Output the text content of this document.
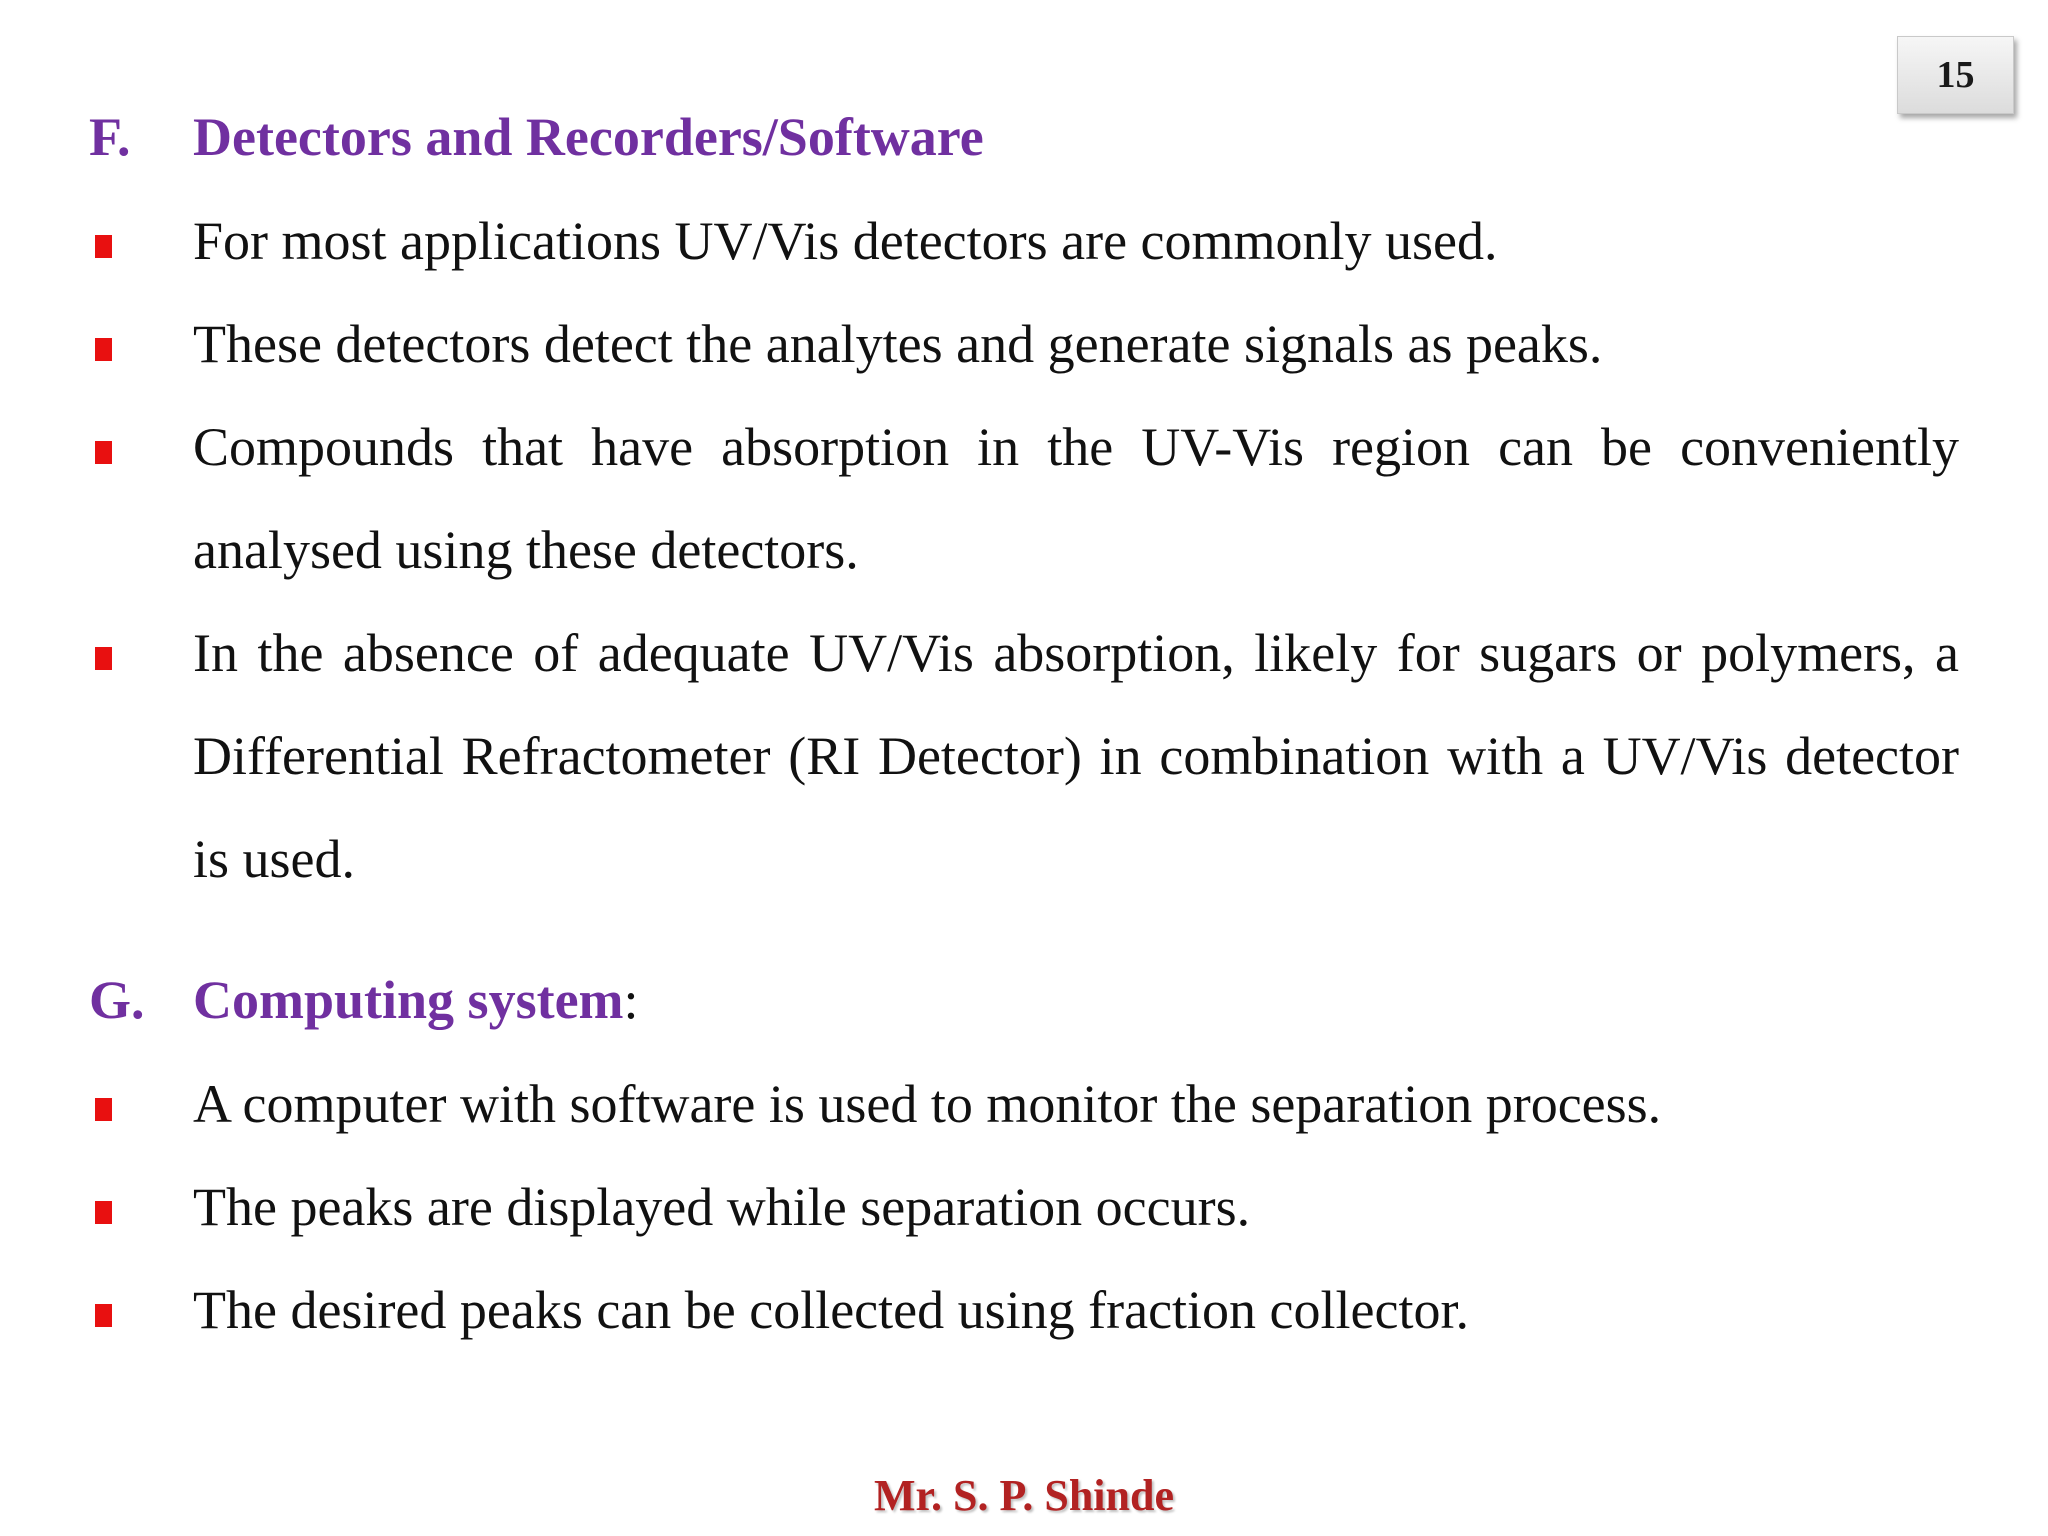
15
F. Detectors and Recorders/Software
For most applications UV/Vis detectors are commonly used.
These detectors detect the analytes and generate signals as peaks.
Compounds that have absorption in the UV-Vis region can be conveniently analysed using these detectors.
In the absence of adequate UV/Vis absorption, likely for sugars or polymers, a Differential Refractometer (RI Detector) in combination with a UV/Vis detector is used.
G. Computing system:
A computer with software is used to monitor the separation process.
The peaks are displayed while separation occurs.
The desired peaks can be collected using fraction collector.
Mr. S. P. Shinde
